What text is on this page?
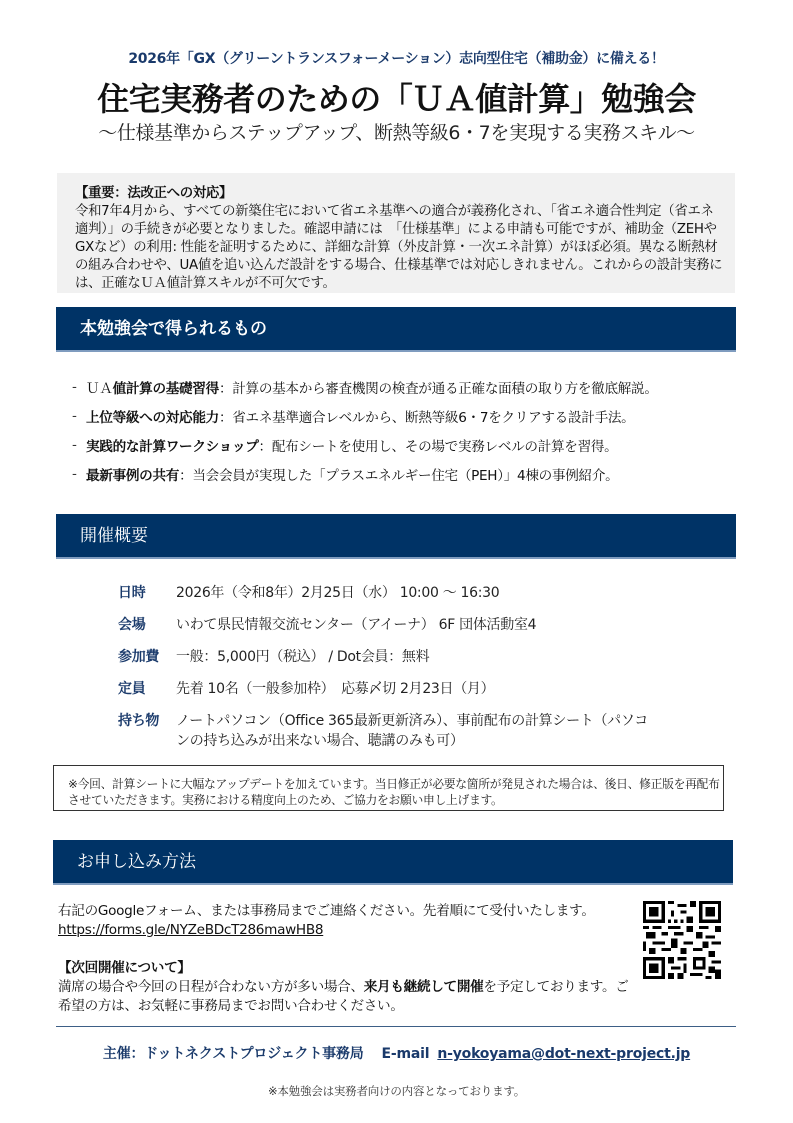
2026年「GX（グリーントランスフォーメーション）志向型住宅（補助金）に備える！
住宅実務者のための「ＵＡ値計算」勉強会
～仕様基準からステップアップ、断熱等級6・7を実現する実務スキル～
【重要：法改正への対応】
令和7年4月から、すべての新築住宅において省エネ基準への適合が義務化され、「省エネ適合性判定（省エネ適判）」の手続きが必要となりました。確認申請には　「仕様基準」による申請も可能ですが、補助金（ZEHやGXなど）の利用: 性能を証明するために、詳細な計算（外皮計算・一次エネ計算）がほぼ必須。異なる断熱材の組み合わせや、UA値を追い込んだ設計をする場合、仕様基準では対応しきれません。これからの設計実務には、正確なＵＡ値計算スキルが不可欠です。
本勉強会で得られるもの
- ＵＡ 値計算の基礎習得 ：計算の基本から審査機関の検査が通る正確な面積の取り方を徹底解説。
- 上位等級への対応能力 ：省エネ基準適合レベルから、断熱等級6・7をクリアする設計手法。
- 実践的な計算ワークショップ ：配布シートを使用し、その場で実務レベルの計算を習得。
- 最新事例の共有 ：当会会員が実現した「プラスエネルギー住宅（PEH）」4棟の事例紹介。
開催概要
日時	2026年（令和8年）2月25日（水） 10:00 ～ 16:30
会場	いわて県民情報交流センター（アイーナ） 6F 団体活動室4
参加費	一般：5,000円（税込） / Dot会員：無料
定員	先着 10名（一般参加枠）　応募〆切 2月23日（月）
持ち物	ノートパソコン（Office 365最新更新済み）、事前配布の計算シート（パソコンの持ち込みが出来ない場合、聴講のみも可）
※今回、計算シートに大幅なアップデートを加えています。当日修正が必要な箇所が発見された場合は、後日、修正版を再配布させていただきます。実務における精度向上のため、ご協力をお願い申し上げます。
お申し込み方法
右記のGoogleフォーム、または事務局までご連絡ください。先着順にて受付いたします。
https://forms.gle/NYZeBDcT286mawHB8
【次回開催について】
満席の場合や今回の日程が合わない方が多い場合、来月も継続して開催を予定しております。ご希望の方は、お気軽に事務局までお問い合わせください。
主催：ドットネクストプロジェクト事務局 E-mail n-yokoyama@dot-next-project.jp
※本勉強会は実務者向けの内容となっております。
